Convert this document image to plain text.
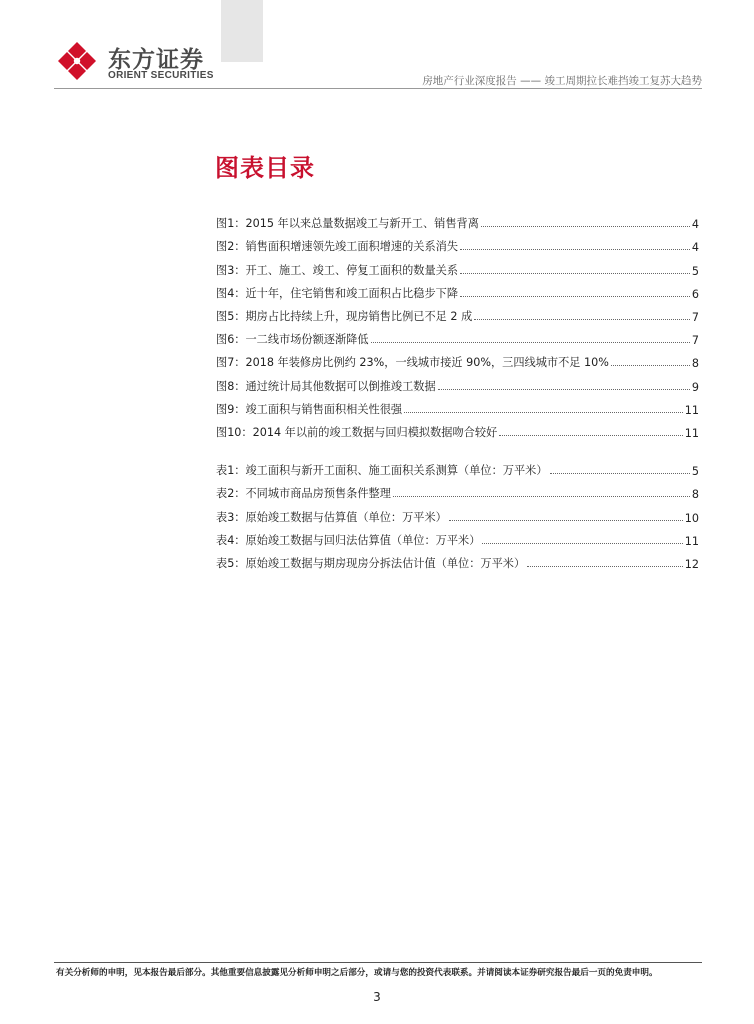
东方证券
ORIENT SECURITIES	房地产行业深度报告 —— 竣工周期拉长难挡竣工复苏大趋势
图表目录
图1：2015 年以来总量数据竣工与新开工、销售背离	4
图2：销售面积增速领先竣工面积增速的关系消失	4
图3：开工、施工、竣工、停复工面积的数量关系	5
图4：近十年，住宅销售和竣工面积占比稳步下降	6
图5：期房占比持续上升，现房销售比例已不足 2 成	7
图6：一二线市场份额逐渐降低	7
图7：2018 年装修房比例约 23%，一线城市接近 90%，三四线城市不足 10%	8
图8：通过统计局其他数据可以倒推竣工数据	9
图9：竣工面积与销售面积相关性很强	11
图10：2014 年以前的竣工数据与回归模拟数据吻合较好	11
表1：竣工面积与新开工面积、施工面积关系测算（单位：万平米）	5
表2：不同城市商品房预售条件整理	8
表3：原始竣工数据与估算值（单位：万平米）	10
表4：原始竣工数据与回归法估算值（单位：万平米）	11
表5：原始竣工数据与期房现房分拆法估计值（单位：万平米）	12
有关分析师的申明，见本报告最后部分。其他重要信息披露见分析师申明之后部分，或请与您的投资代表联系。并请阅读本证券研究报告最后一页的免责申明。
3
